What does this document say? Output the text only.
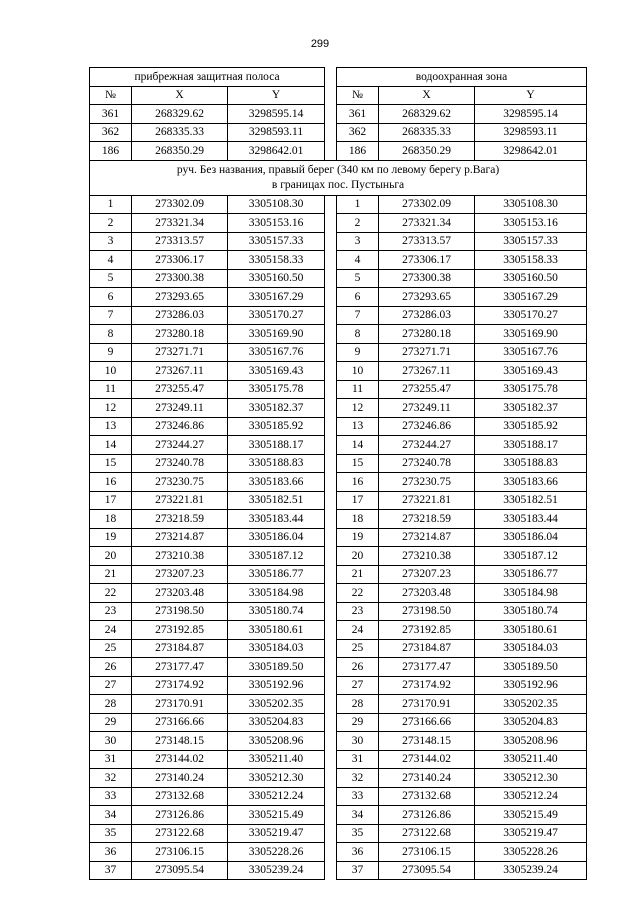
299
прибрежная защитная полоса				водоохранная зона		
№	X	Y		№	X	Y
361	268329.62	3298595.14		361	268329.62	3298595.14
362	268335.33	3298593.11		362	268335.33	3298593.11
186	268350.29	3298642.01		186	268350.29	3298642.01

руч. Без названия, правый берег (340 км по левому берегу р.Вага)
в границах пос. Пустыньга						

1	273302.09	3305108.30		1	273302.09	3305108.30
2	273321.34	3305153.16		2	273321.34	3305153.16
3	273313.57	3305157.33		3	273313.57	3305157.33
4	273306.17	3305158.33		4	273306.17	3305158.33
5	273300.38	3305160.50		5	273300.38	3305160.50
6	273293.65	3305167.29		6	273293.65	3305167.29
7	273286.03	3305170.27		7	273286.03	3305170.27
8	273280.18	3305169.90		8	273280.18	3305169.90
9	273271.71	3305167.76		9	273271.71	3305167.76
10	273267.11	3305169.43		10	273267.11	3305169.43
11	273255.47	3305175.78		11	273255.47	3305175.78
12	273249.11	3305182.37		12	273249.11	3305182.37
13	273246.86	3305185.92		13	273246.86	3305185.92
14	273244.27	3305188.17		14	273244.27	3305188.17
15	273240.78	3305188.83		15	273240.78	3305188.83
16	273230.75	3305183.66		16	273230.75	3305183.66
17	273221.81	3305182.51		17	273221.81	3305182.51
18	273218.59	3305183.44		18	273218.59	3305183.44
19	273214.87	3305186.04		19	273214.87	3305186.04
20	273210.38	3305187.12		20	273210.38	3305187.12
21	273207.23	3305186.77		21	273207.23	3305186.77
22	273203.48	3305184.98		22	273203.48	3305184.98
23	273198.50	3305180.74		23	273198.50	3305180.74
24	273192.85	3305180.61		24	273192.85	3305180.61
25	273184.87	3305184.03		25	273184.87	3305184.03
26	273177.47	3305189.50		26	273177.47	3305189.50
27	273174.92	3305192.96		27	273174.92	3305192.96
28	273170.91	3305202.35		28	273170.91	3305202.35
29	273166.66	3305204.83		29	273166.66	3305204.83
30	273148.15	3305208.96		30	273148.15	3305208.96
31	273144.02	3305211.40		31	273144.02	3305211.40
32	273140.24	3305212.30		32	273140.24	3305212.30
33	273132.68	3305212.24		33	273132.68	3305212.24
34	273126.86	3305215.49		34	273126.86	3305215.49
35	273122.68	3305219.47		35	273122.68	3305219.47
36	273106.15	3305228.26		36	273106.15	3305228.26
37	273095.54	3305239.24		37	273095.54	3305239.24
